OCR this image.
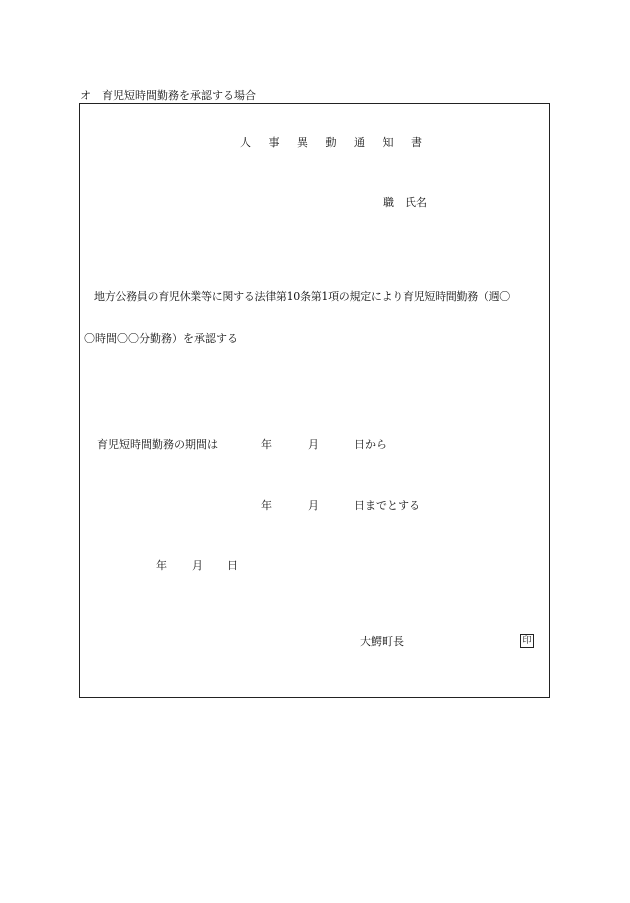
オ　育児短時間勤務を承認する場合
人 事 異 動 通 知 書
職　氏名
地方公務員の育児休業等に関する法律第10条第1項の規定により育児短時間勤務（週〇
〇時間〇〇分勤務）を承認する
育児短時間勤務の期間は	年	月	日から
年	月	日までとする
年 月 日
大鰐町長	印
